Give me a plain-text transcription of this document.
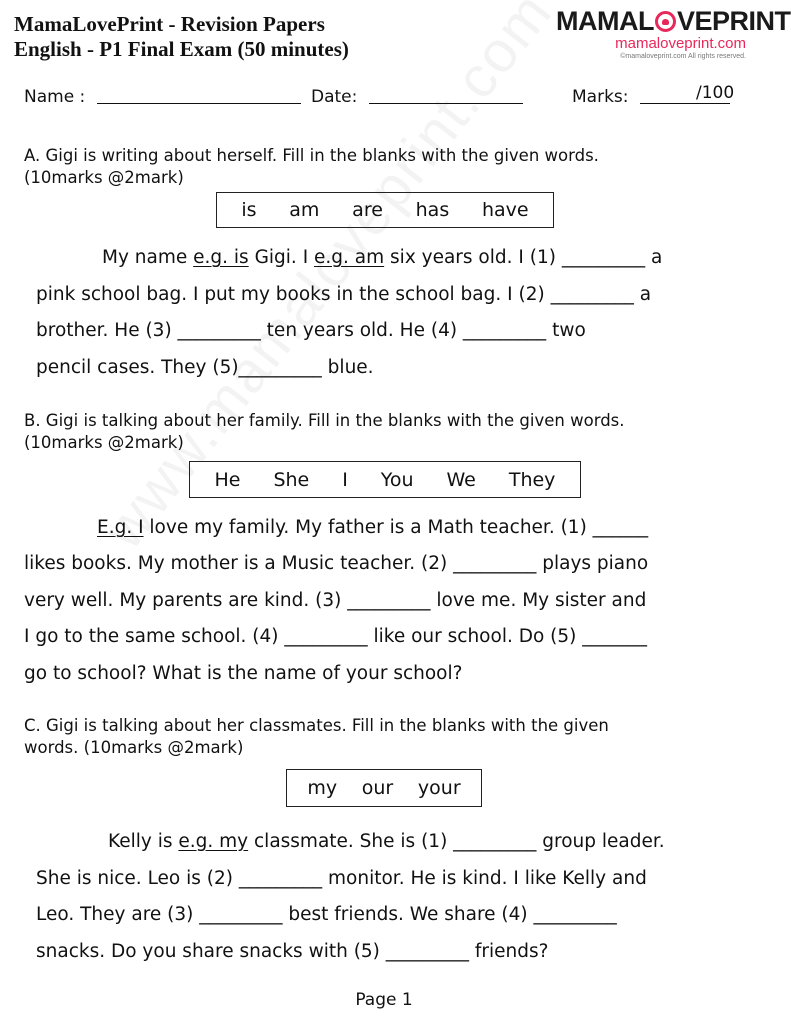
MamaLovePrint - Revision Papers
English - P1 Final Exam (50 minutes)
MAMAL VEPRINT
mamaloveprint.com
©mamaloveprint.com All rights reserved.
Name :	Date:	Marks:	/100
A. Gigi is writing about herself. Fill in the blanks with the given words.
(10marks @2mark)
is am are has have
My name e.g. is Gigi. I e.g. am six years old. I (1) _________ a
pink school bag. I put my books in the school bag. I (2) _________ a
brother. He (3) _________ ten years old. He (4) _________ two
pencil cases. They (5)_________ blue.
B. Gigi is talking about her family. Fill in the blanks with the given words.
(10marks @2mark)
He She I You We They
E.g. I love my family. My father is a Math teacher. (1) ______
likes books. My mother is a Music teacher. (2) _________ plays piano
very well. My parents are kind. (3) _________ love me. My sister and
I go to the same school. (4) _________ like our school. Do (5) _______
go to school? What is the name of your school?
C. Gigi is talking about her classmates. Fill in the blanks with the given
words. (10marks @2mark)
my our your
Kelly is e.g. my classmate. She is (1) _________ group leader.
She is nice. Leo is (2) _________ monitor. He is kind. I like Kelly and
Leo. They are (3) _________ best friends. We share (4) _________
snacks. Do you share snacks with (5) _________ friends?
Page 1
